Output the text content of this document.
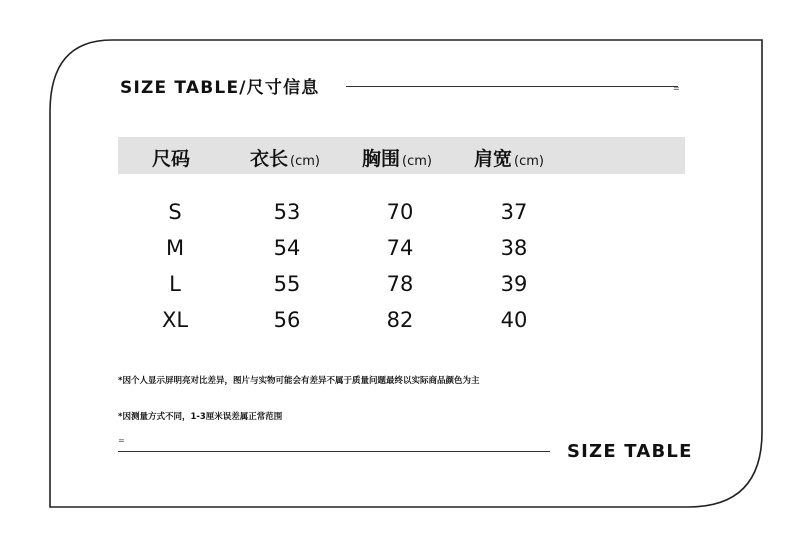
SIZE TABLE/尺寸信息	=
尺码	衣长 (cm) 胸围 (cm) 肩宽 (cm)
S	53	70	37
M	54	74	38
L	55	78	39
XL	56	82	40
*因个人显示屏明亮对比差异，图片与实物可能会有差异不属于质量问题最终以实际商品颜色为主
*因测量方式不同，1-3厘米误差属正常范围
=
SIZE TABLE
